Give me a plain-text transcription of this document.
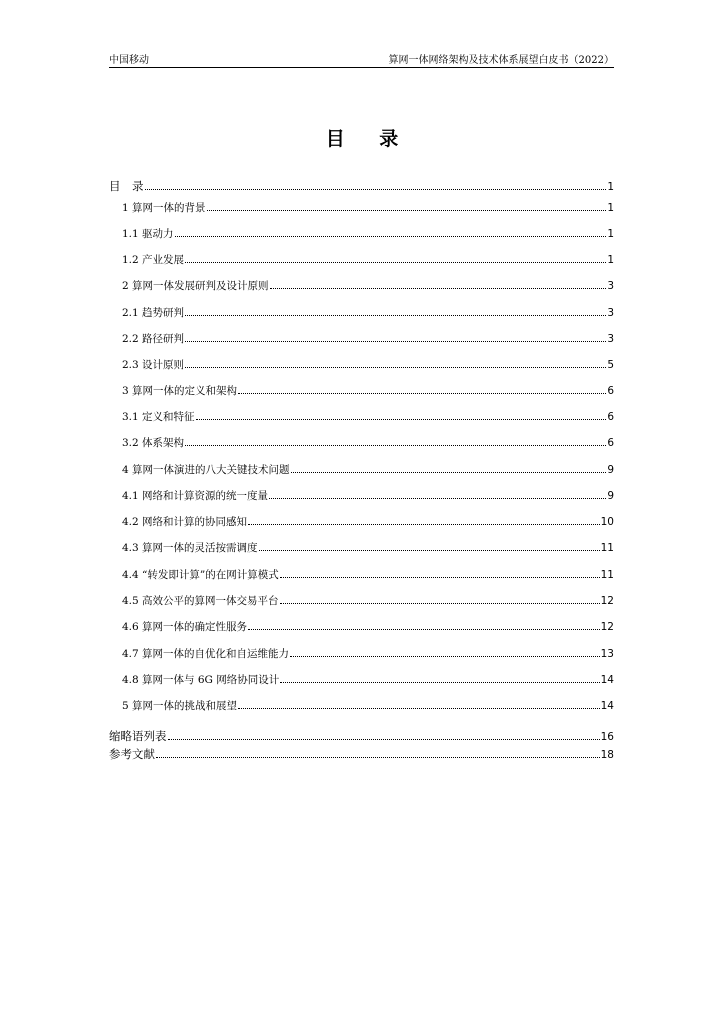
中国移动	算网一体网络架构及技术体系展望白皮书（2022）
目 录
目　录	1
1 算网一体的背景	1
1.1 驱动力	1
1.2 产业发展	1
2 算网一体发展研判及设计原则	3
2.1 趋势研判	3
2.2 路径研判	3
2.3 设计原则	5
3 算网一体的定义和架构	6
3.1 定义和特征	6
3.2 体系架构	6
4 算网一体演进的八大关键技术问题	9
4.1 网络和计算资源的统一度量	9
4.2 网络和计算的协同感知	10
4.3 算网一体的灵活按需调度	11
4.4 “转发即计算”的在网计算模式	11
4.5 高效公平的算网一体交易平台	12
4.6 算网一体的确定性服务	12
4.7 算网一体的自优化和自运维能力	13
4.8 算网一体与 6G 网络协同设计	14
5 算网一体的挑战和展望	14
缩略语列表	16
参考文献	18
